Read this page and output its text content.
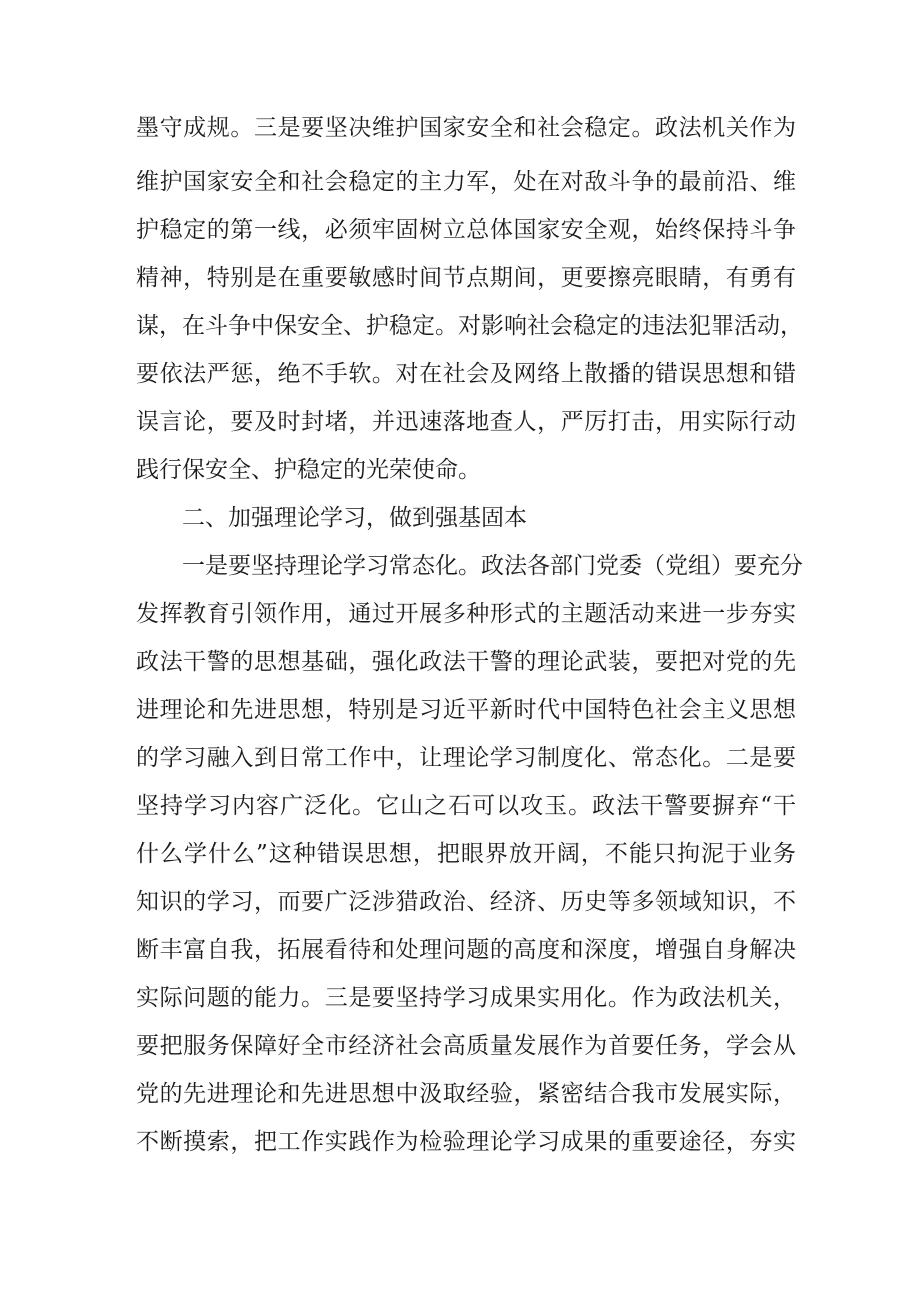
墨守成规。三是要坚决维护国家安全和社会稳定。政法机关作为
维护国家安全和社会稳定的主力军，处在对敌斗争的最前沿、维
护稳定的第一线，必须牢固树立总体国家安全观，始终保持斗争
精神，特别是在重要敏感时间节点期间，更要擦亮眼睛，有勇有
谋，在斗争中保安全、护稳定。对影响社会稳定的违法犯罪活动，
要依法严惩，绝不手软。对在社会及网络上散播的错误思想和错
误言论，要及时封堵，并迅速落地查人，严厉打击，用实际行动
践行保安全、护稳定的光荣使命。
二、加强理论学习，做到强基固本
一是要坚持理论学习常态化。政法各部门党委（党组）要充分
发挥教育引领作用，通过开展多种形式的主题活动来进一步夯实
政法干警的思想基础，强化政法干警的理论武装，要把对党的先
进理论和先进思想，特别是习近平新时代中国特色社会主义思想
的学习融入到日常工作中，让理论学习制度化、常态化。二是要
坚持学习内容广泛化。它山之石可以攻玉。政法干警要摒弃“干
什么学什么”这种错误思想，把眼界放开阔，不能只拘泥于业务
知识的学习，而要广泛涉猎政治、经济、历史等多领域知识，不
断丰富自我，拓展看待和处理问题的高度和深度，增强自身解决
实际问题的能力。三是要坚持学习成果实用化。作为政法机关，
要把服务保障好全市经济社会高质量发展作为首要任务，学会从
党的先进理论和先进思想中汲取经验，紧密结合我市发展实际，
不断摸索，把工作实践作为检验理论学习成果的重要途径，夯实
